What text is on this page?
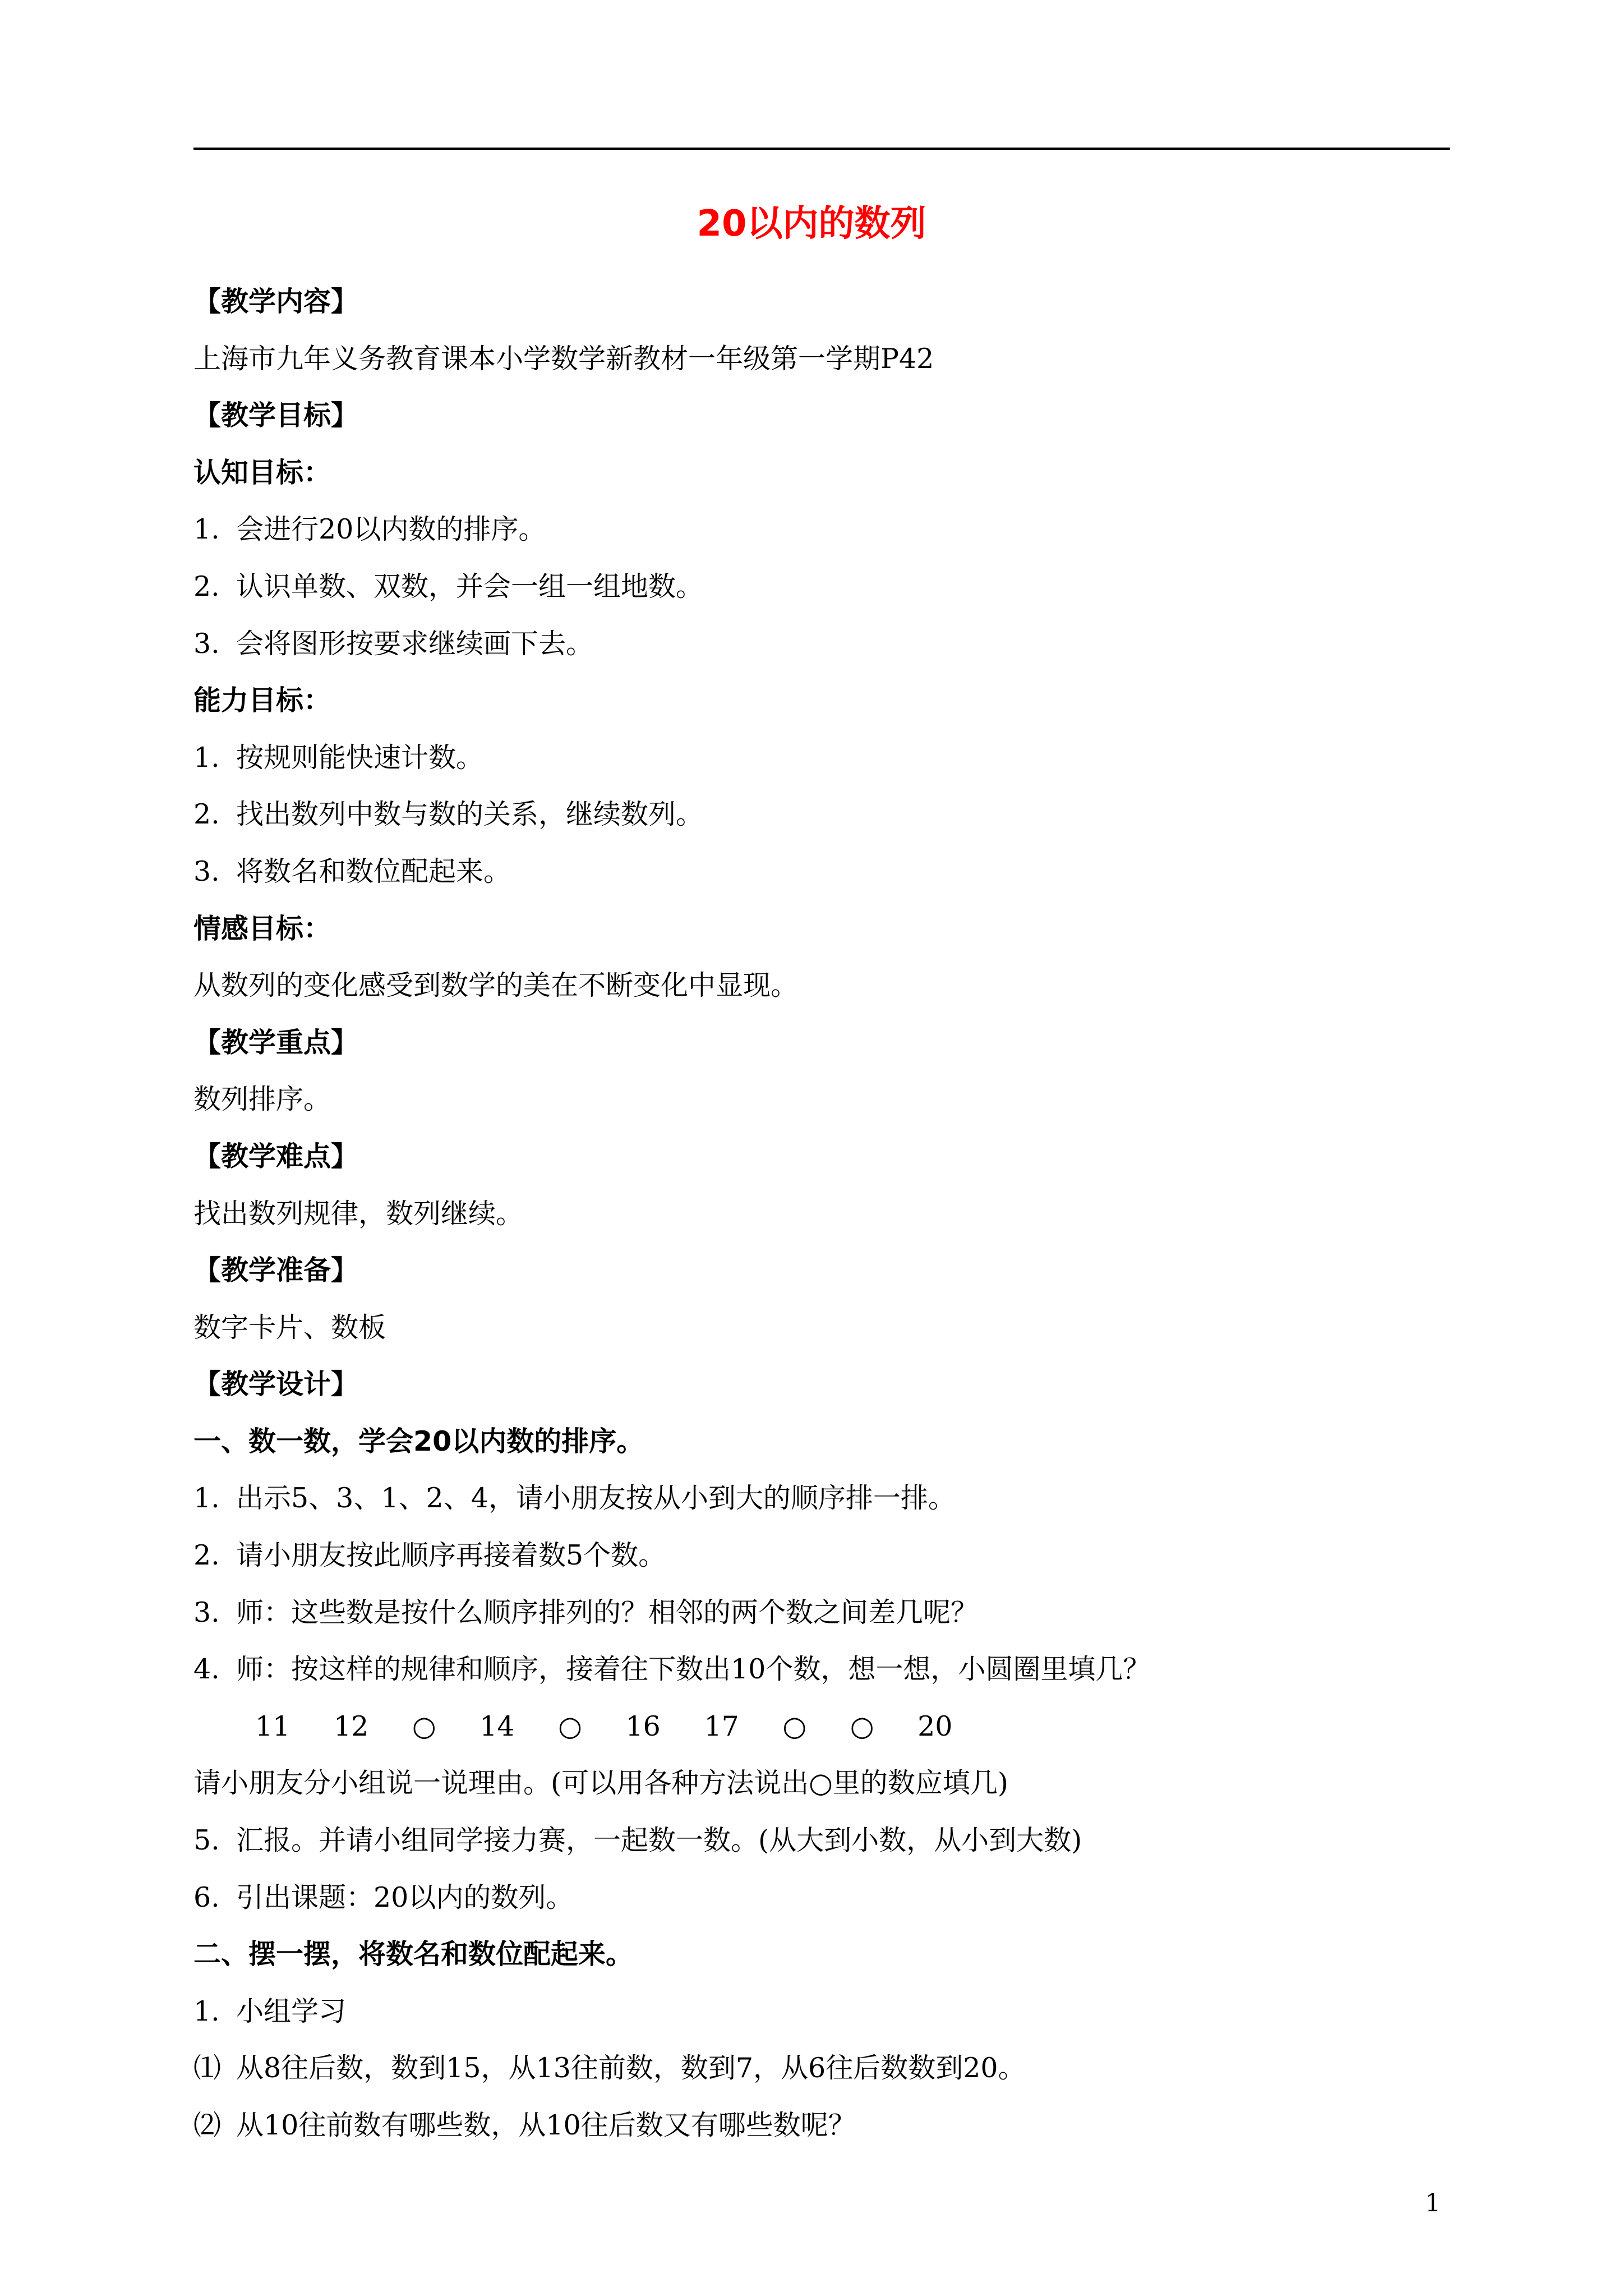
20以内的数列
【教学内容】
上海市九年义务教育课本小学数学新教材一年级第一学期P42
【教学目标】
认知目标：
1. 会进行20以内数的排序。
2. 认识单数、双数，并会一组一组地数。
3. 会将图形按要求继续画下去。
能力目标：
1. 按规则能快速计数。
2. 找出数列中数与数的关系，继续数列。
3. 将数名和数位配起来。
情感目标：
从数列的变化感受到数学的美在不断变化中显现。
【教学重点】
数列排序。
【教学难点】
找出数列规律，数列继续。
【教学准备】
数字卡片、数板
【教学设计】
一、数一数，学会20以内数的排序。
1. 出示5、3、1、2、4，请小朋友按从小到大的顺序排一排。
2. 请小朋友按此顺序再接着数5个数。
3. 师：这些数是按什么顺序排列的？相邻的两个数之间差几呢？
4. 师：按这样的规律和顺序，接着往下数出10个数，想一想，小圆圈里填几？
11 12 ○ 14 ○ 16 17 ○ ○ 20
请小朋友分小组说一说理由。(可以用各种方法说出○里的数应填几)
5. 汇报。并请小组同学接力赛，一起数一数。(从大到小数，从小到大数)
6. 引出课题：20以内的数列。
二、摆一摆，将数名和数位配起来。
1. 小组学习
⑴ 从8往后数，数到15，从13往前数，数到7，从6往后数数到20。
⑵ 从10往前数有哪些数，从10往后数又有哪些数呢？
1
